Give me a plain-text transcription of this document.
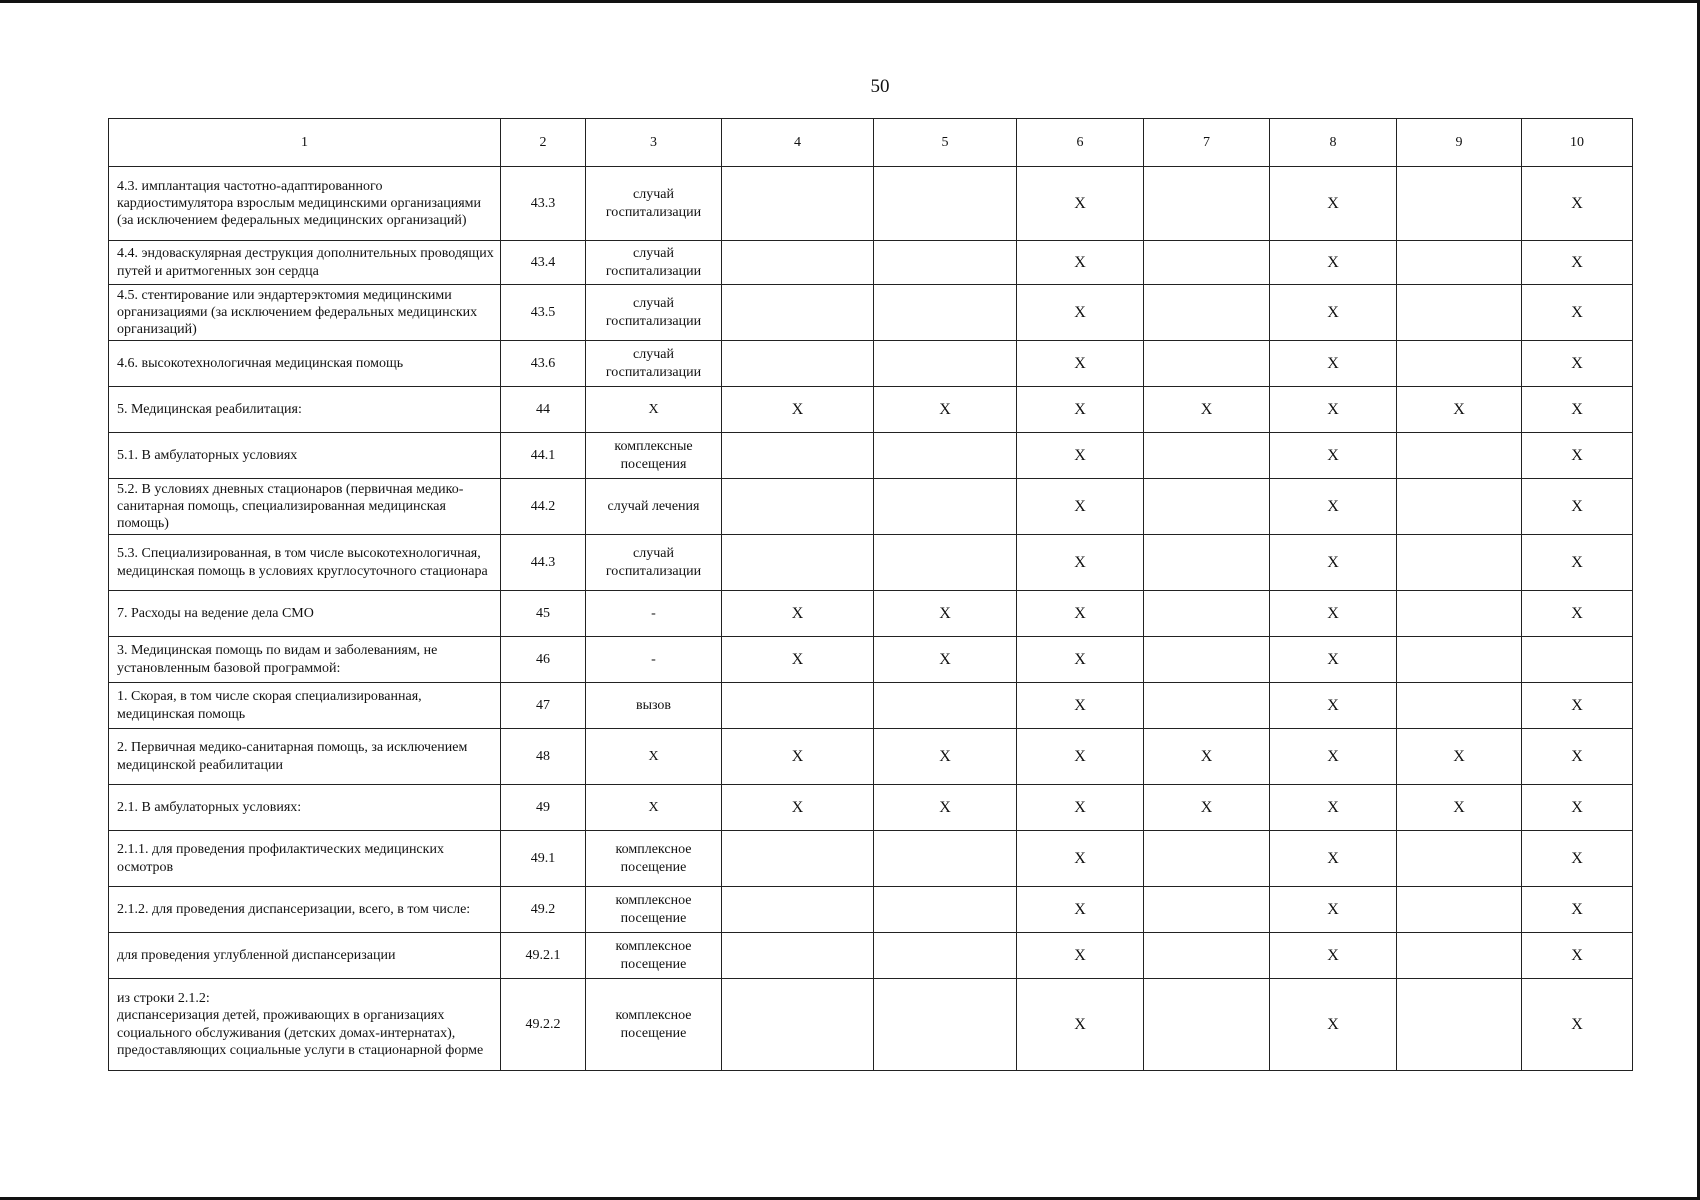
50
1	2	3	4	5	6	7	8	9	10
4.3. имплантация частотно-адаптированного кардиостимулятора взрослым медицинскими организациями (за исключением федеральных медицинских организаций)	43.3	случай госпитализации			X		X		X
4.4. эндоваскулярная деструкция дополнительных проводящих путей и аритмогенных зон сердца	43.4	случай госпитализации			X		X		X
4.5. стентирование или эндартерэктомия медицинскими организациями (за исключением федеральных медицинских организаций)	43.5	случай госпитализации			X		X		X
4.6. высокотехнологичная медицинская помощь	43.6	случай госпитализации			X		X		X
5. Медицинская реабилитация:	44	X	X	X	X	X	X	X	X
5.1. В амбулаторных условиях	44.1	комплексные посещения			X		X		X
5.2. В условиях дневных стационаров (первичная медико-санитарная помощь, специализированная медицинская помощь)	44.2	случай лечения			X		X		X
5.3. Специализированная, в том числе высокотехнологичная, медицинская помощь в условиях круглосуточного стационара	44.3	случай госпитализации			X		X		X
7. Расходы на ведение дела СМО	45	-	X	X	X		X		X
3. Медицинская помощь по видам и заболеваниям, не установленным базовой программой:	46	-	X	X	X		X		
1. Скорая, в том числе скорая специализированная, медицинская помощь	47	вызов			X		X		X
2. Первичная медико-санитарная помощь, за исключением медицинской реабилитации	48	X	X	X	X	X	X	X	X
2.1. В амбулаторных условиях:	49	X	X	X	X	X	X	X	X
2.1.1. для проведения профилактических медицинских осмотров	49.1	комплексное посещение			X		X		X
2.1.2. для проведения диспансеризации, всего, в том числе:	49.2	комплексное посещение			X		X		X
для проведения углубленной диспансеризации	49.2.1	комплексное посещение			X		X		X
из строки 2.1.2:
диспансеризация детей, проживающих в организациях социального обслуживания (детских домах-интернатах), предоставляющих социальные услуги в стационарной форме	49.2.2	комплексное посещение			X		X		X
